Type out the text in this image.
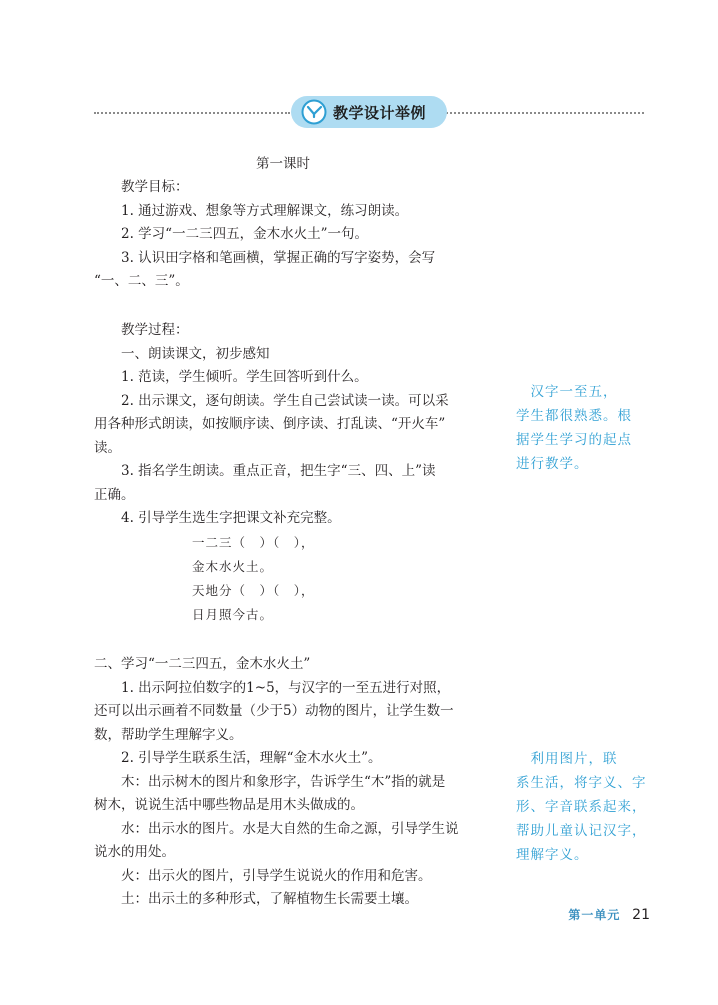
教学设计举例
第一课时

教学目标：

1. 通过游戏、想象等方式理解课文，练习朗读。

2. 学习“一二三四五，金木水火土”一句。

3. 认识田字格和笔画横，掌握正确的写字姿势，会写

“一、二、三”。

教学过程：

一、朗读课文，初步感知

1. 范读，学生倾听。学生回答听到什么。

2. 出示课文，逐句朗读。学生自己尝试读一读。可以采

用各种形式朗读，如按顺序读、倒序读、打乱读、“开火车”

读。

3. 指名学生朗读。重点正音，把生字“三、四、上”读

正确。

4. 引导学生选生字把课文补充完整。

一二三（　）（　），

金木水火土。

天地分（　）（　），

日月照今古。

二、学习“一二三四五，金木水火土”

1. 出示阿拉伯数字的1~5，与汉字的一至五进行对照，

还可以出示画着不同数量（少于5）动物的图片，让学生数一

数，帮助学生理解字义。

2. 引导学生联系生活，理解“金木水火土”。

木：出示树木的图片和象形字，告诉学生“木”指的就是

树木，说说生活中哪些物品是用木头做成的。

水：出示水的图片。水是大自然的生命之源，引导学生说

说水的用处。

火：出示火的图片，引导学生说说火的作用和危害。

土：出示土的多种形式，了解植物生长需要土壤。

　汉字一至五，

学生都很熟悉。根

据学生学习的起点

进行教学。

　利用图片，联

系生活，将字义、字

形、字音联系起来，

帮助儿童认记汉字，

理解字义。

第一单元 21
